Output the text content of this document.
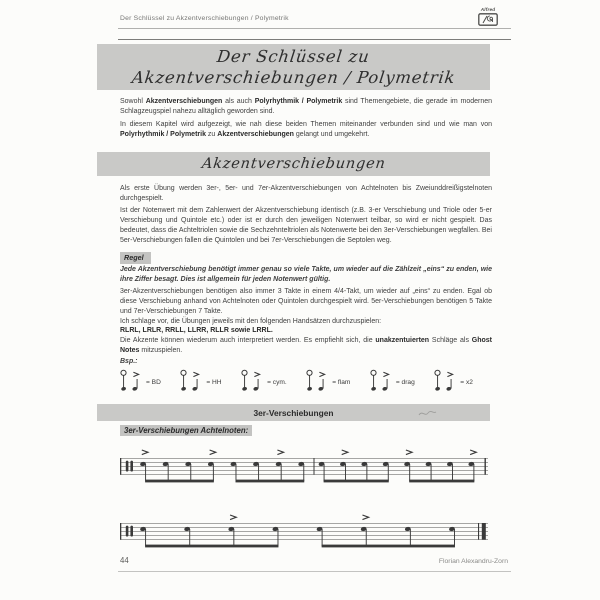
Der Schlüssel zu Akzentverschiebungen / Polymetrik
Alfred
Der Schlüssel zu
Akzentverschiebungen / Polymetrik

Sowohl Akzentverschiebungen als auch Polyrhythmik / Polymetrik sind Themengebiete, die gerade im modernen Schlagzeugspiel nahezu alltäglich geworden sind.

In diesem Kapitel wird aufgezeigt, wie nah diese beiden Themen miteinander verbunden sind und wie man von Polyrhythmik / Polymetrik zu Akzentverschiebungen gelangt und umgekehrt.

Akzentverschiebungen

Als erste Übung werden 3er-, 5er- und 7er-Akzentverschiebungen von Achtelnoten bis Zweiunddreißigstelnoten durchgespielt.

Ist der Notenwert mit dem Zahlenwert der Akzentverschiebung identisch (z.B. 3-er Verschiebung und Triole oder 5-er Verschiebung und Quintole etc.) oder ist er durch den jeweiligen Notenwert teilbar, so wird er nicht gespielt. Das bedeutet, dass die Achteltriolen sowie die Sechzehnteltriolen als Notenwerte bei den 3er-Verschiebungen wegfallen. Bei 5er-Verschiebungen fallen die Quintolen und bei 7er-Verschiebungen die Septolen weg.

Regel

Jede Akzentverschiebung benötigt immer genau so viele Takte, um wieder auf die Zählzeit „eins“ zu enden, wie ihre Ziffer besagt. Dies ist allgemein für jeden Notenwert gültig.

3er-Akzentverschiebungen benötigen also immer 3 Takte in einem 4/4-Takt, um wieder auf „eins“ zu enden. Egal ob diese Verschiebung anhand von Achtelnoten oder Quintolen durchgespielt wird. 5er-Verschiebungen benötigen 5 Takte und 7er-Verschiebungen 7 Takte.

Ich schlage vor, die Übungen jeweils mit den folgenden Handsätzen durchzuspielen:

RLRL, LRLR, RRLL, LLRR, RLLR sowie LRRL.

Die Akzente können wiederum auch interpretiert werden. Es empfiehlt sich, die unakzentuierten Schläge als Ghost Notes mitzuspielen.

Bsp.:

= BD	= HH	= cym.	= flam	= drag	= x2
3er-Verschiebungen
3er-Verschiebungen Achtelnoten:
44	Florian Alexandru-Zorn
